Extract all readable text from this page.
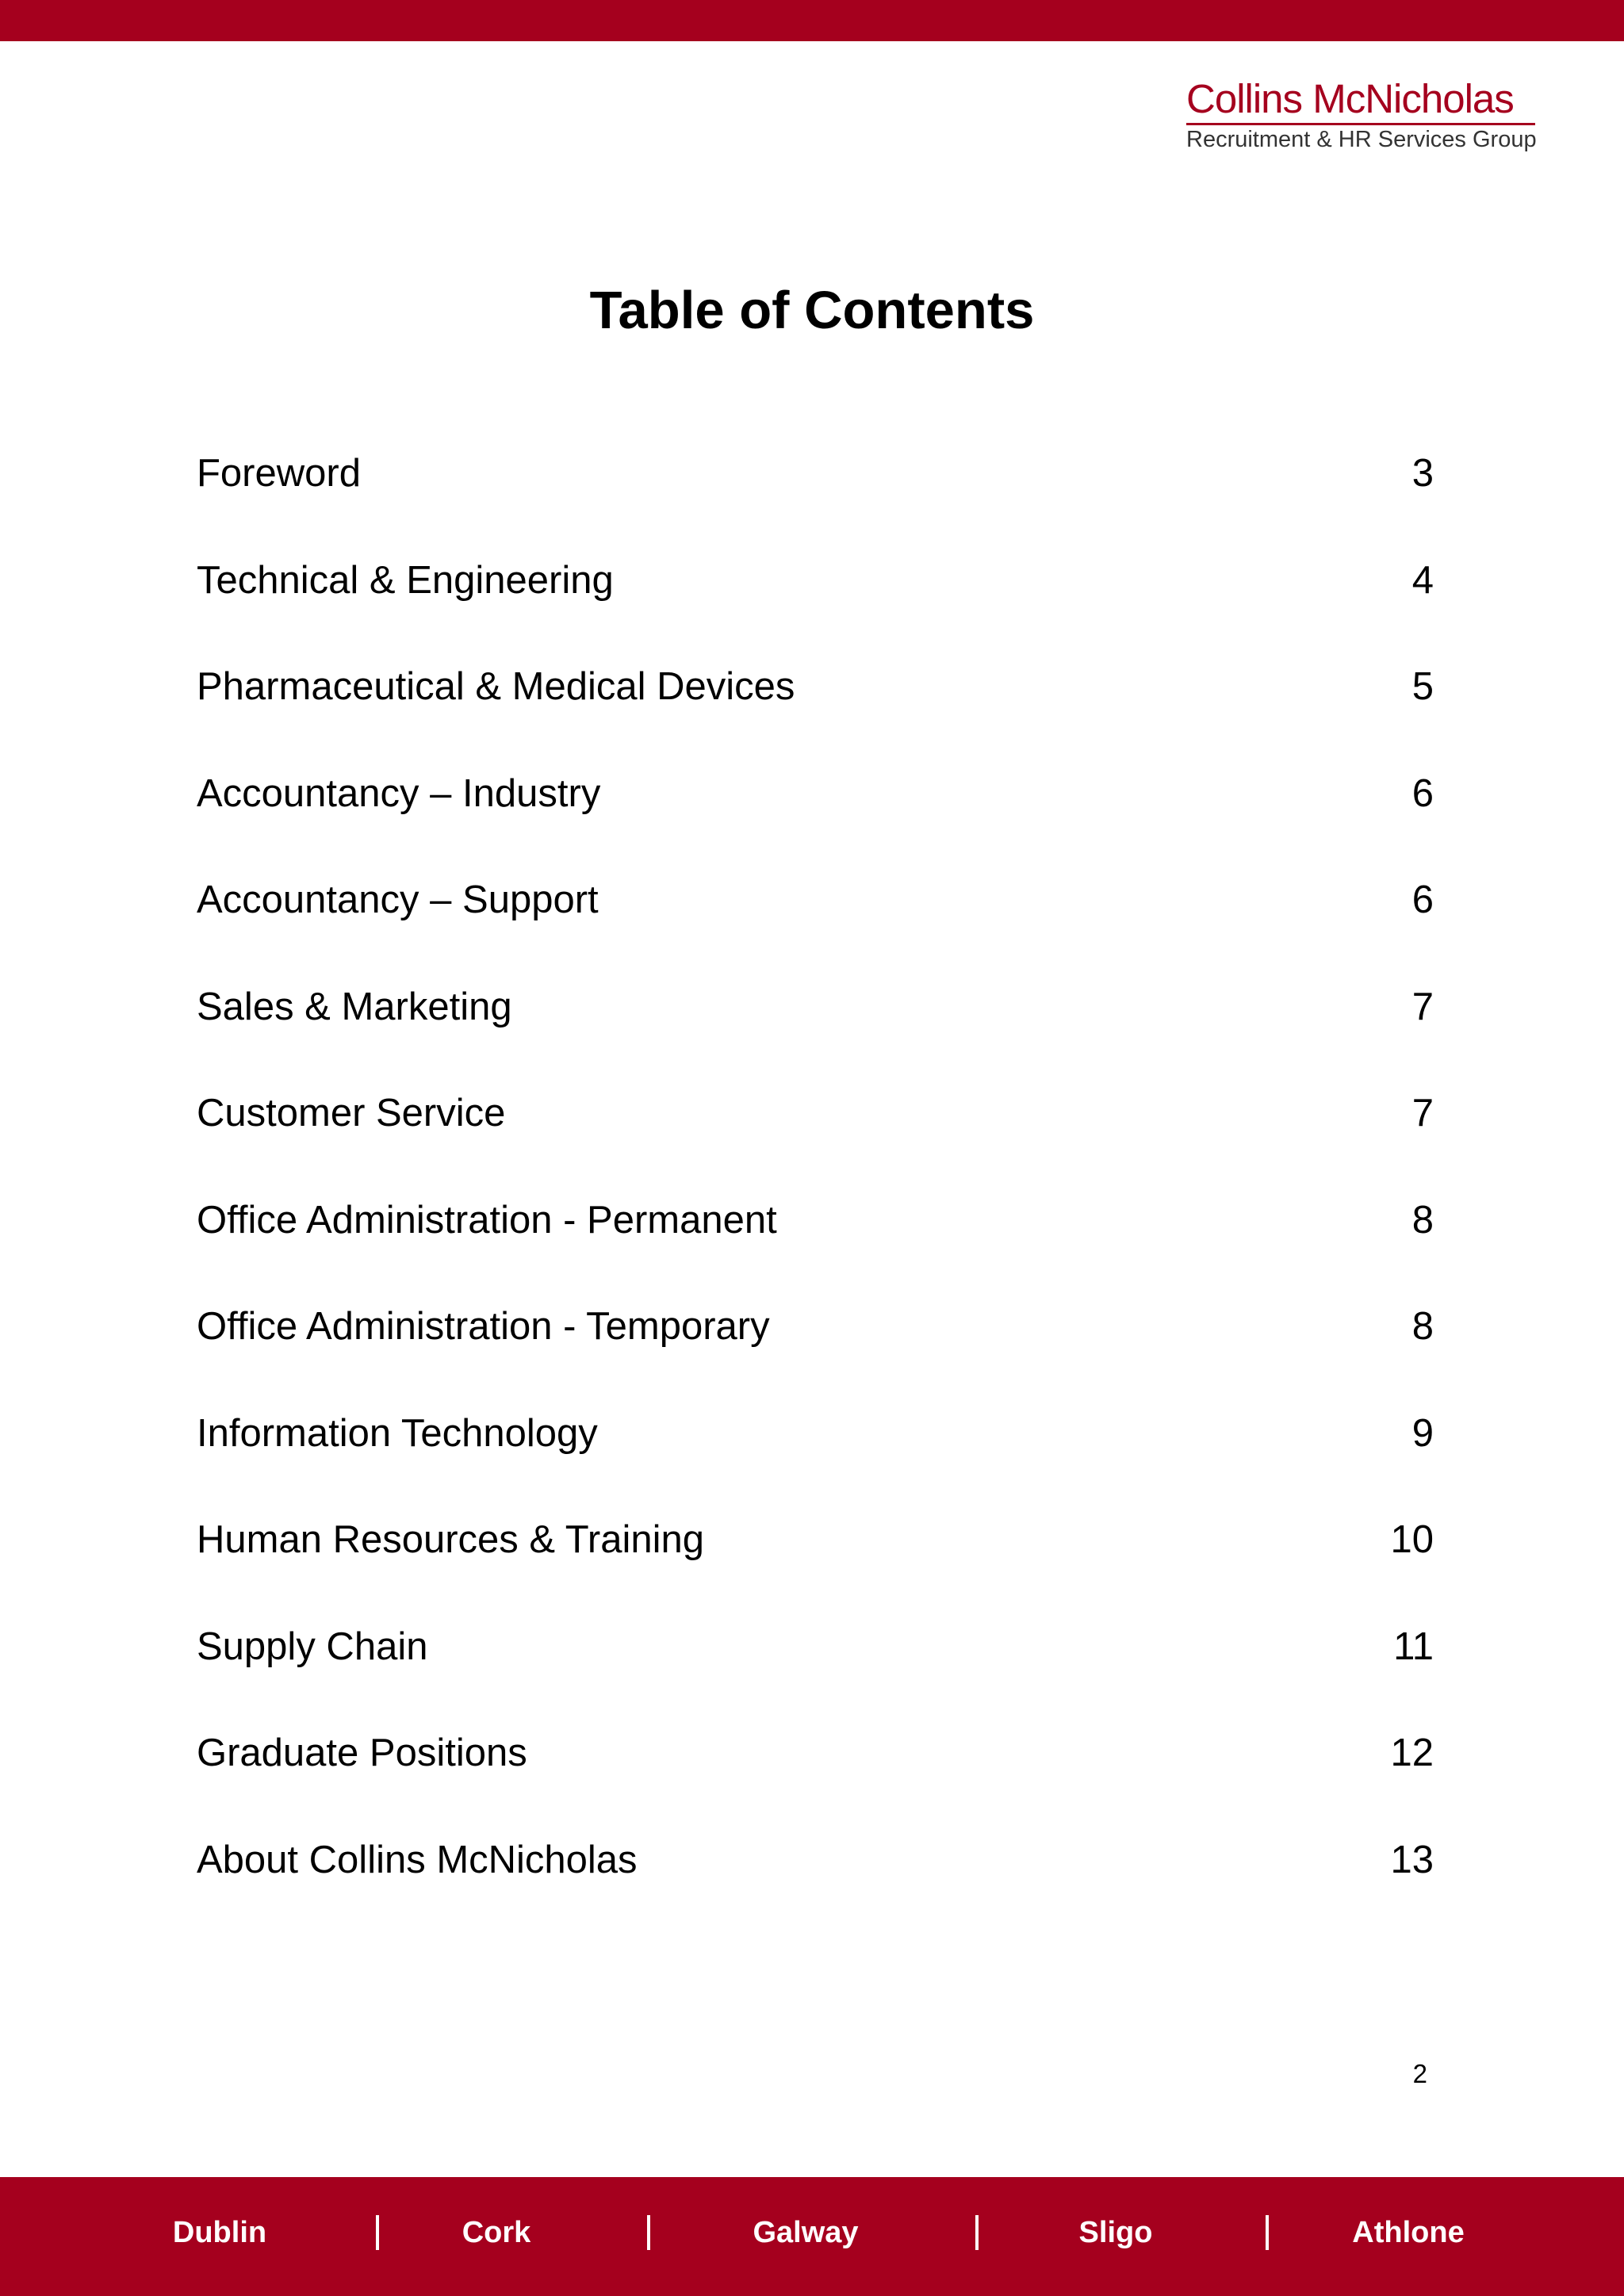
Collins McNicholas
Recruitment & HR Services Group
Table of Contents
Foreword	3
Technical & Engineering	4
Pharmaceutical & Medical Devices	5
Accountancy – Industry	6
Accountancy – Support	6
Sales & Marketing	7
Customer Service	7
Office Administration - Permanent	8
Office Administration - Temporary	8
Information Technology	9
Human Resources & Training	10
Supply Chain	11
Graduate Positions	12
About Collins McNicholas	13
2
Dublin	Cork	Galway	Sligo	Athlone
